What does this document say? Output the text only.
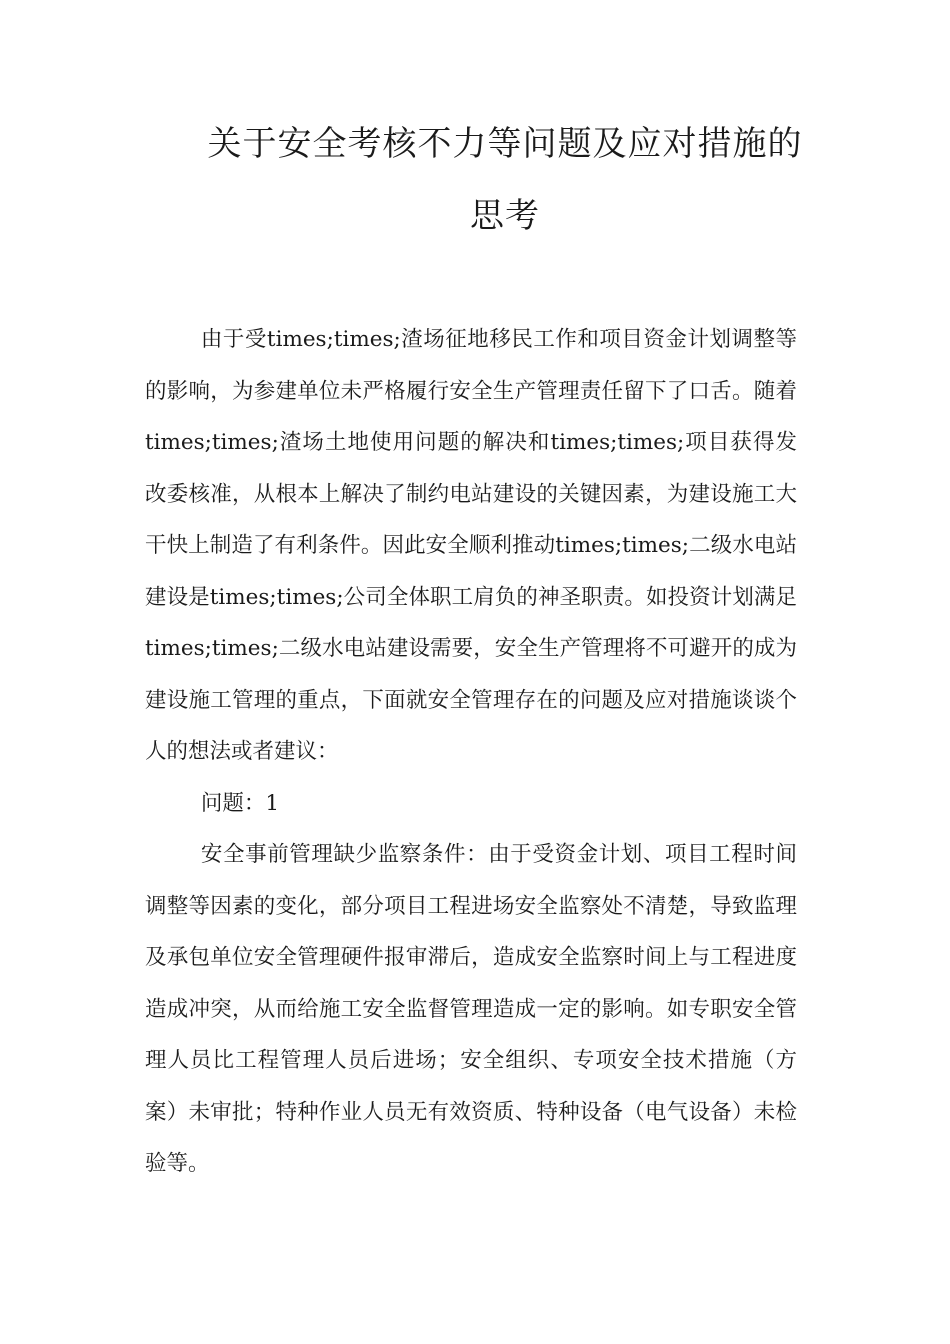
关于安全考核不力等问题及应对措施的
思考

由于受times;times;渣场征地移民工作和项目资金计划调整等的影响，为参建单位未严格履行安全生产管理责任留下了口舌。随着times;times;渣场土地使用问题的解决和times;times;项目获得发改委核准，从根本上解决了制约电站建设的关键因素，为建设施工大干快上制造了有利条件。因此安全顺利推动times;times;二级水电站建设是times;times;公司全体职工肩负的神圣职责。如投资计划满足times;times;二级水电站建设需要，安全生产管理将不可避开的成为建设施工管理的重点，下面就安全管理存在的问题及应对措施谈谈个人的想法或者建议：

问题：1

安全事前管理缺少监察条件：由于受资金计划、项目工程时间调整等因素的变化，部分项目工程进场安全监察处不清楚，导致监理及承包单位安全管理硬件报审滞后，造成安全监察时间上与工程进度造成冲突，从而给施工安全监督管理造成一定的影响。如专职安全管理人员比工程管理人员后进场；安全组织、专项安全技术措施（方案）未审批；特种作业人员无有效资质、特种设备（电气设备）未检验等。
